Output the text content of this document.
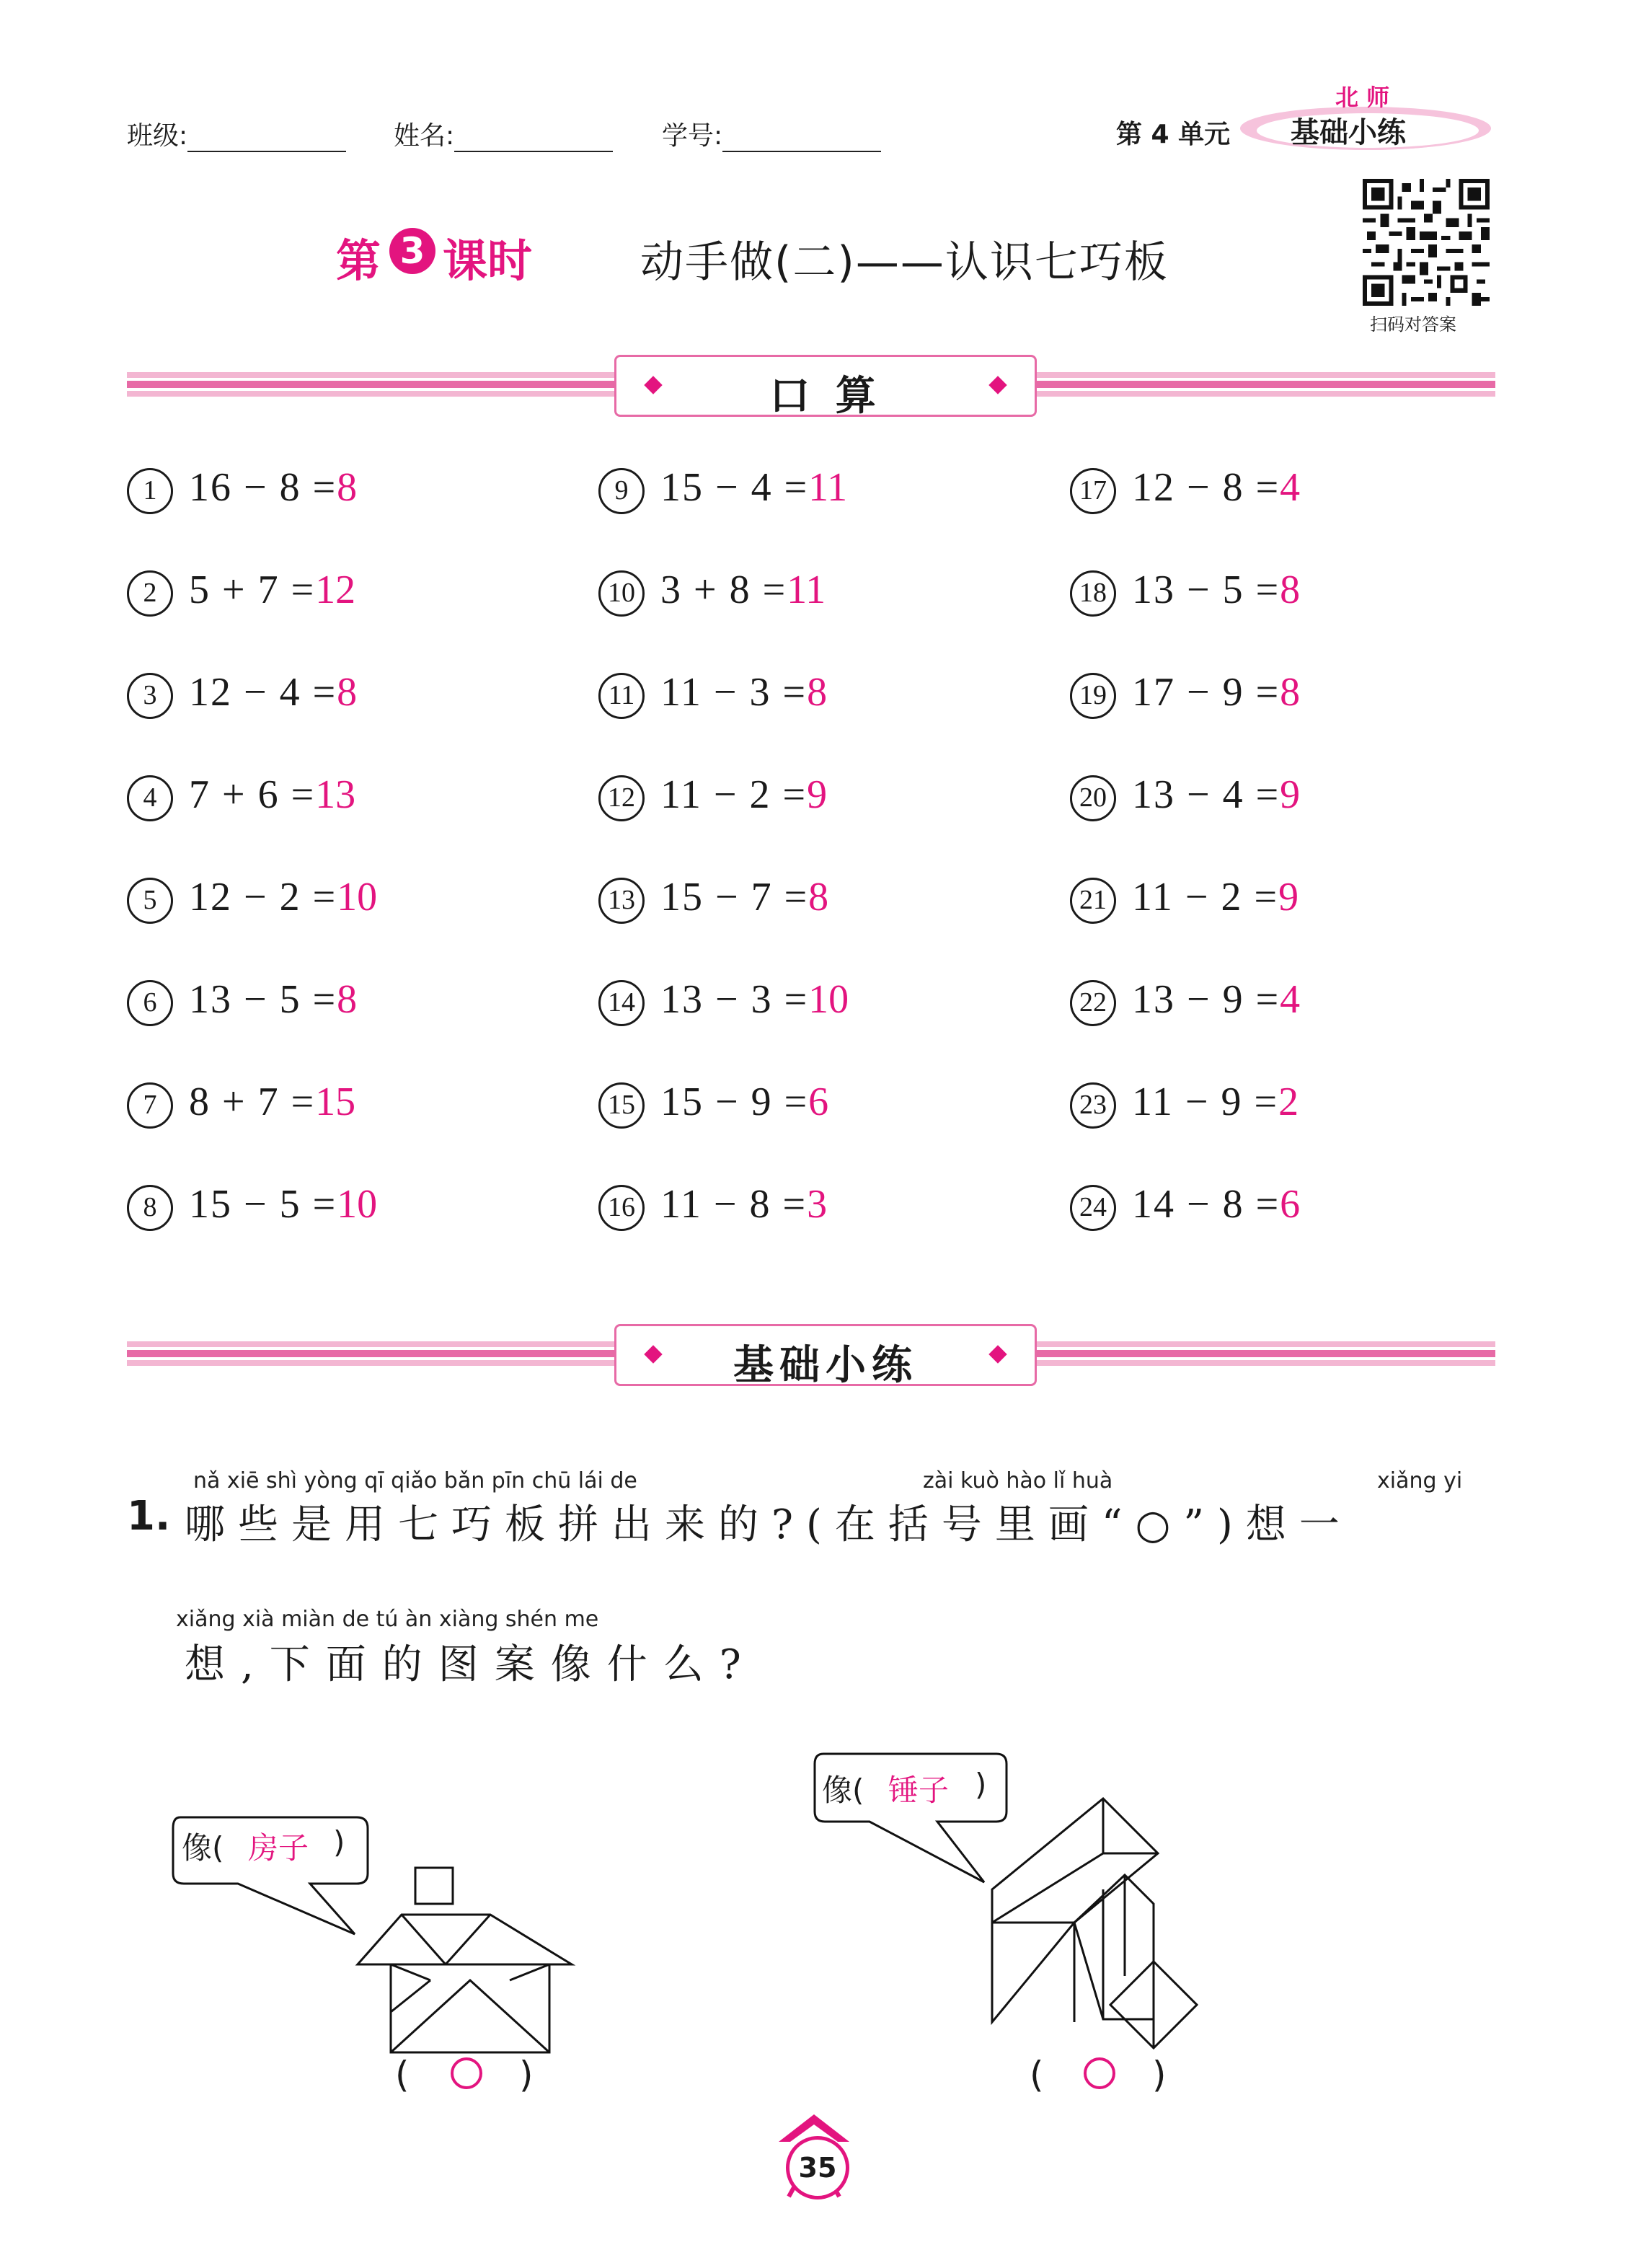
班级:	姓名:	学号:	第 4 单元
北 师
基础小练
第 3 课时 动手做(二)——认识七巧板
扫码对答案
口 算
1 16 − 8 =8
2 5 + 7 =12
3 12 − 4 =8
4 7 + 6 =13
5 12 − 2 =10
6 13 − 5 =8
7 8 + 7 =15
8 15 − 5 =10
9 15 − 4 =11
10 3 + 8 =11
11 11 − 3 =8
12 11 − 2 =9
13 15 − 7 =8
14 13 − 3 =10
15 15 − 9 =6
16 11 − 8 =3
17 12 − 8 =4
18 13 − 5 =8
19 17 − 9 =8
20 13 − 4 =9
21 11 − 2 =9
22 13 − 9 =4
23 11 − 9 =2
24 14 − 8 =6
基础小练
nǎ xiē shì yòng qī qiǎo bǎn pīn chū lái de	zài kuò hào lǐ huà	xiǎng yi
1. 哪些是用七巧板拼出来的?(在括号里画“○”)想一
xiǎng xià miàn de tú àn xiàng shén me
想,下面的图案像什么?
像( 房子 )
(	)
像( 锤子 )
(	)
35
